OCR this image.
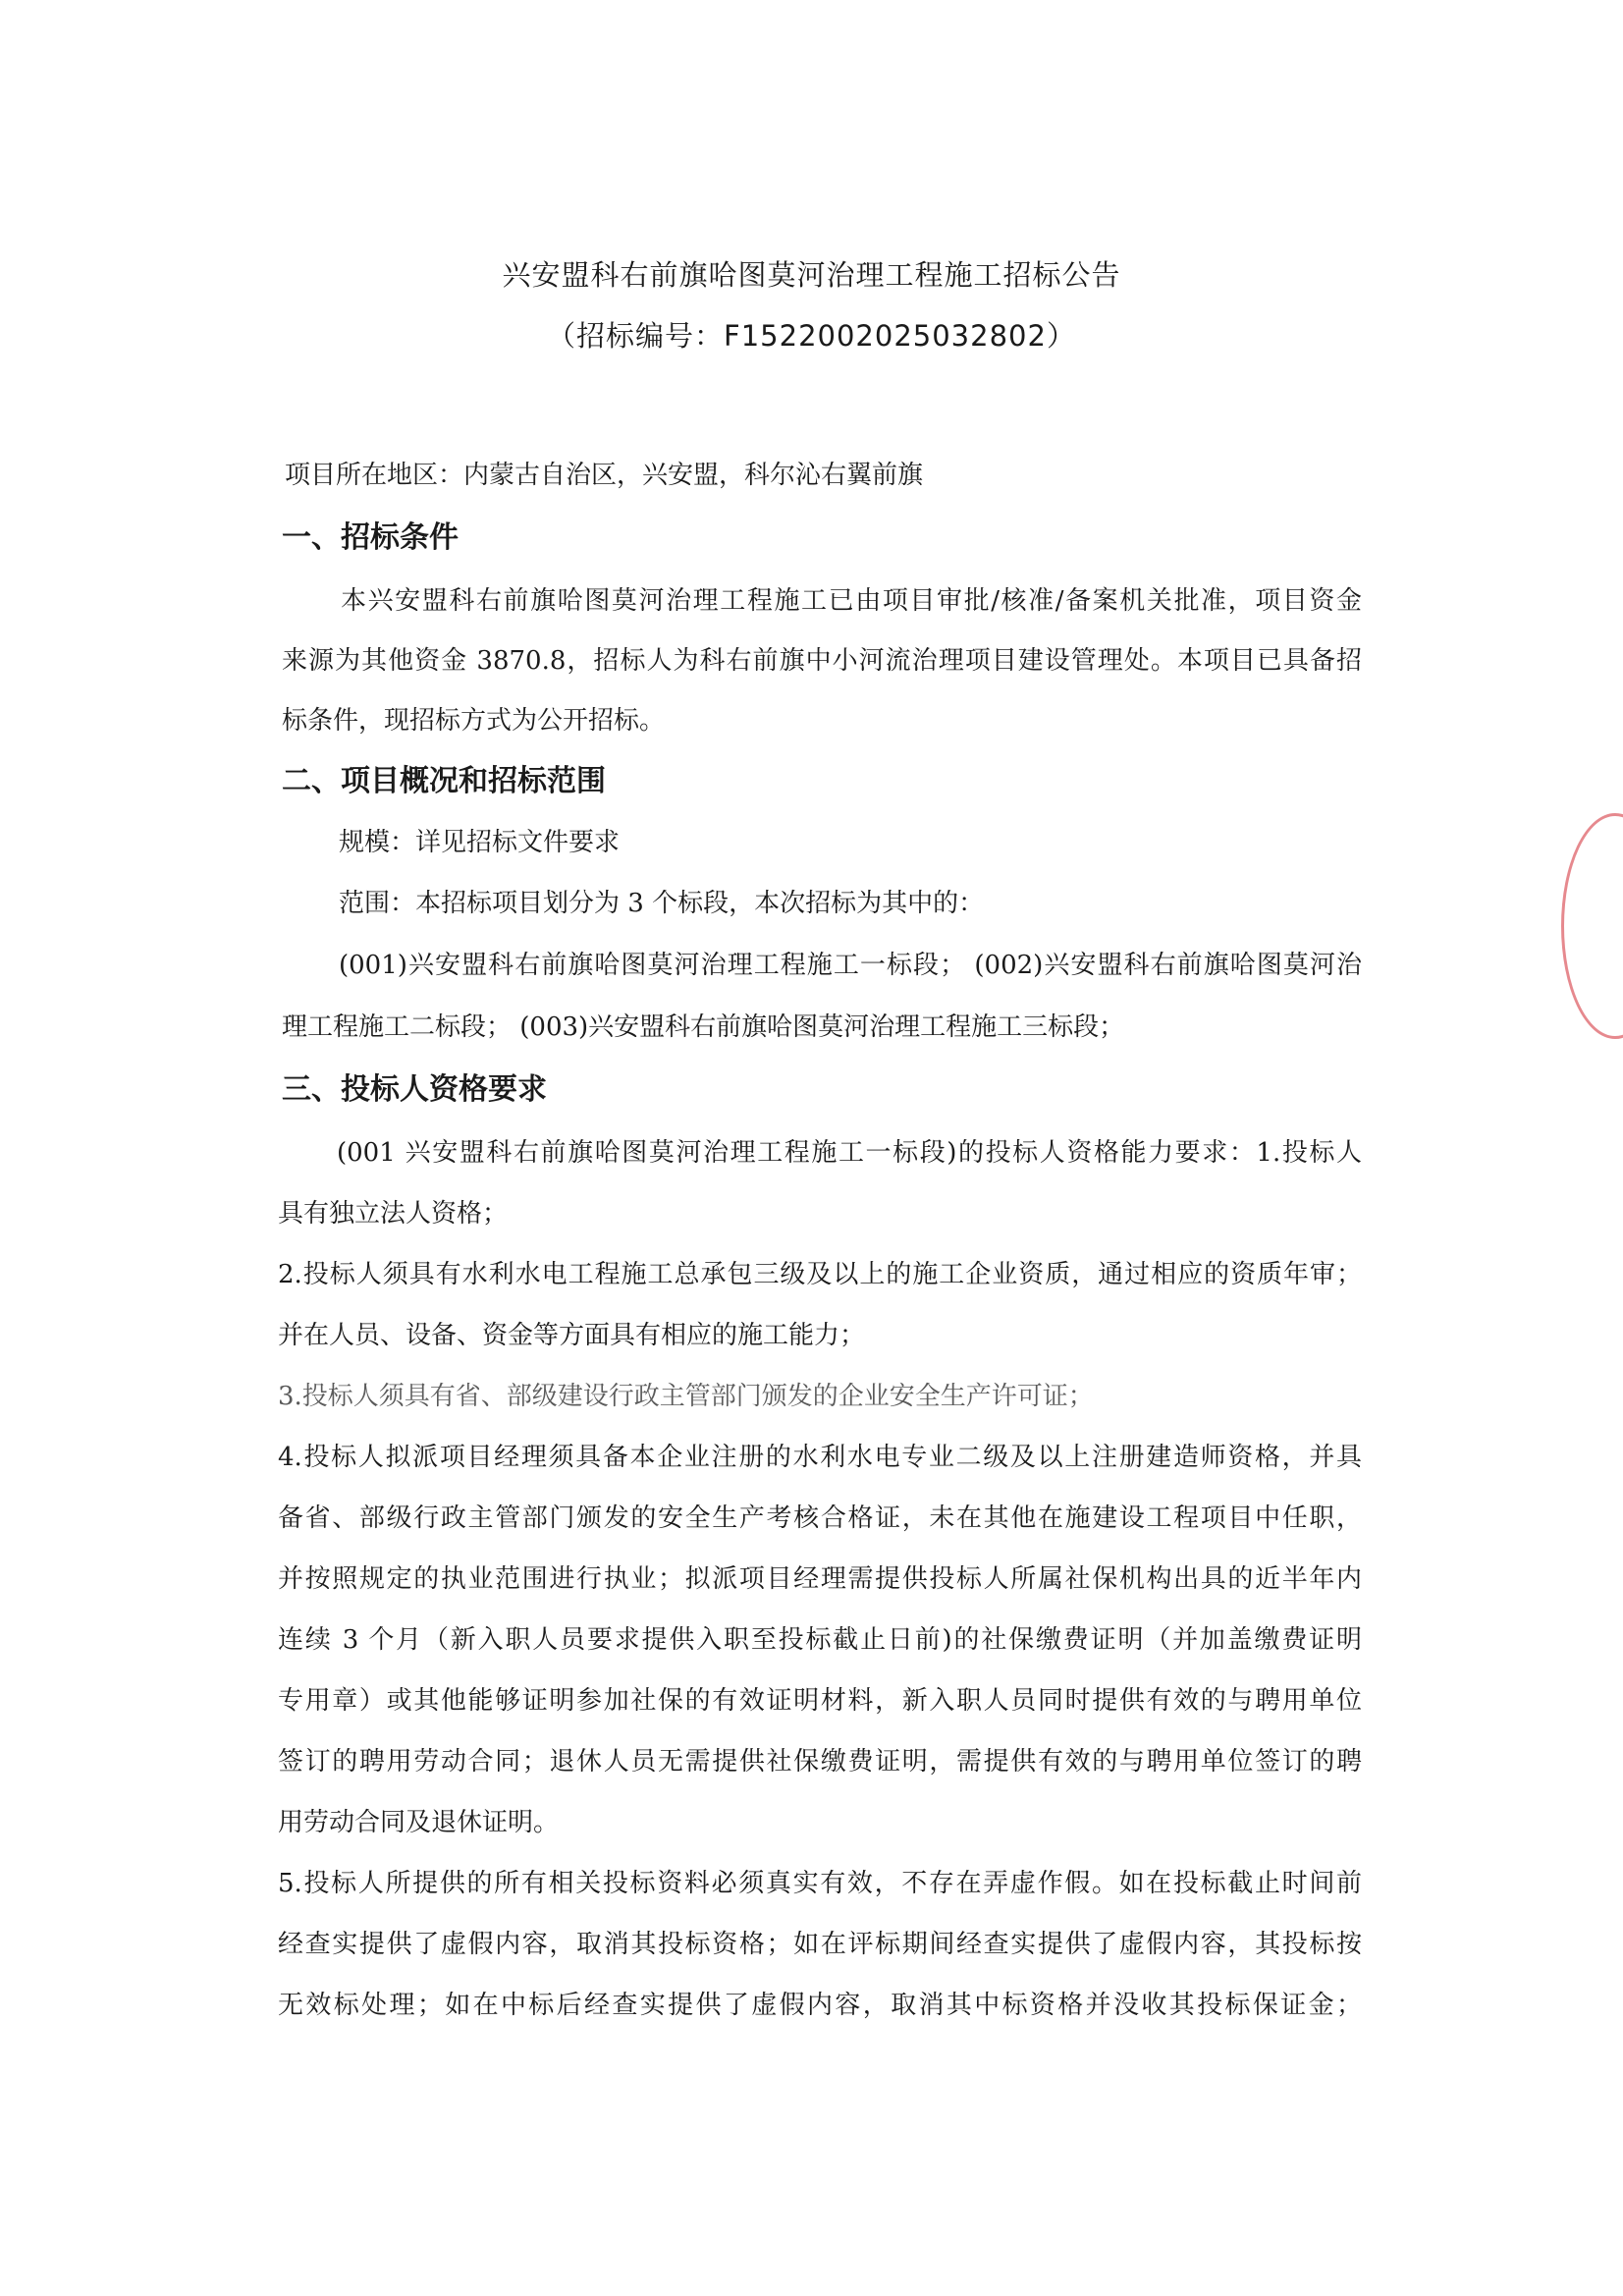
兴安盟科右前旗哈图莫河治理工程施工招标公告
（招标编号：F1522002025032802）
项目所在地区：内蒙古自治区，兴安盟，科尔沁右翼前旗
一、招标条件
本兴安盟科右前旗哈图莫河治理工程施工已由项目审批/核准/备案机关批准，项目资金
来源为其他资金 3870.8，招标人为科右前旗中小河流治理项目建设管理处。本项目已具备招
标条件，现招标方式为公开招标。
二、项目概况和招标范围
规模：详见招标文件要求
范围：本招标项目划分为 3 个标段，本次招标为其中的：
(001)兴安盟科右前旗哈图莫河治理工程施工一标段； (002)兴安盟科右前旗哈图莫河治
理工程施工二标段； (003)兴安盟科右前旗哈图莫河治理工程施工三标段；
三、投标人资格要求
(001 兴安盟科右前旗哈图莫河治理工程施工一标段)的投标人资格能力要求：1.投标人
具有独立法人资格；
2.投标人须具有水利水电工程施工总承包三级及以上的施工企业资质，通过相应的资质年审；
并在人员、设备、资金等方面具有相应的施工能力；
3.投标人须具有省、部级建设行政主管部门颁发的企业安全生产许可证；
4.投标人拟派项目经理须具备本企业注册的水利水电专业二级及以上注册建造师资格，并具
备省、部级行政主管部门颁发的安全生产考核合格证，未在其他在施建设工程项目中任职，
并按照规定的执业范围进行执业；拟派项目经理需提供投标人所属社保机构出具的近半年内
连续 3 个月（新入职人员要求提供入职至投标截止日前)的社保缴费证明（并加盖缴费证明
专用章）或其他能够证明参加社保的有效证明材料，新入职人员同时提供有效的与聘用单位
签订的聘用劳动合同；退休人员无需提供社保缴费证明，需提供有效的与聘用单位签订的聘
用劳动合同及退休证明。
5.投标人所提供的所有相关投标资料必须真实有效，不存在弄虚作假。如在投标截止时间前
经查实提供了虚假内容，取消其投标资格；如在评标期间经查实提供了虚假内容，其投标按
无效标处理；如在中标后经查实提供了虚假内容，取消其中标资格并没收其投标保证金；
